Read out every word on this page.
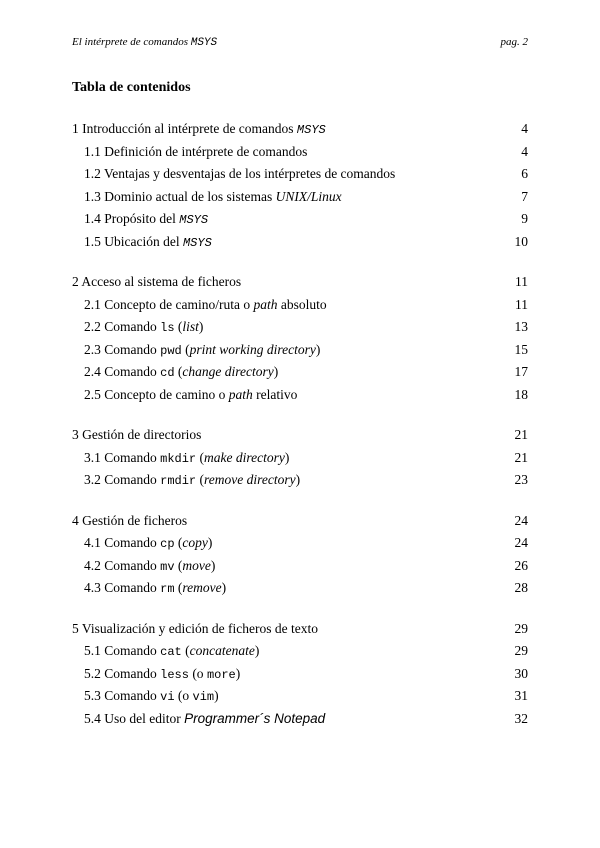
El intérprete de comandos MSYS	pag. 2
Tabla de contenidos
1 Introducción al intérprete de comandos MSYS	4
1.1 Definición de intérprete de comandos	4
1.2 Ventajas y desventajas de los intérpretes de comandos	6
1.3 Dominio actual de los sistemas UNIX/Linux	7
1.4 Propósito del MSYS	9
1.5 Ubicación del MSYS	10
2 Acceso al sistema de ficheros	11
2.1 Concepto de camino/ruta o path absoluto	11
2.2 Comando ls (list)	13
2.3 Comando pwd (print working directory)	15
2.4 Comando cd (change directory)	17
2.5 Concepto de camino o path relativo	18
3 Gestión de directorios	21
3.1 Comando mkdir (make directory)	21
3.2 Comando rmdir (remove directory)	23
4 Gestión de ficheros	24
4.1 Comando cp (copy)	24
4.2 Comando mv (move)	26
4.3 Comando rm (remove)	28
5 Visualización y edición de ficheros de texto	29
5.1 Comando cat (concatenate)	29
5.2 Comando less (o more)	30
5.3 Comando vi (o vim)	31
5.4 Uso del editor Programmer´s Notepad	32
